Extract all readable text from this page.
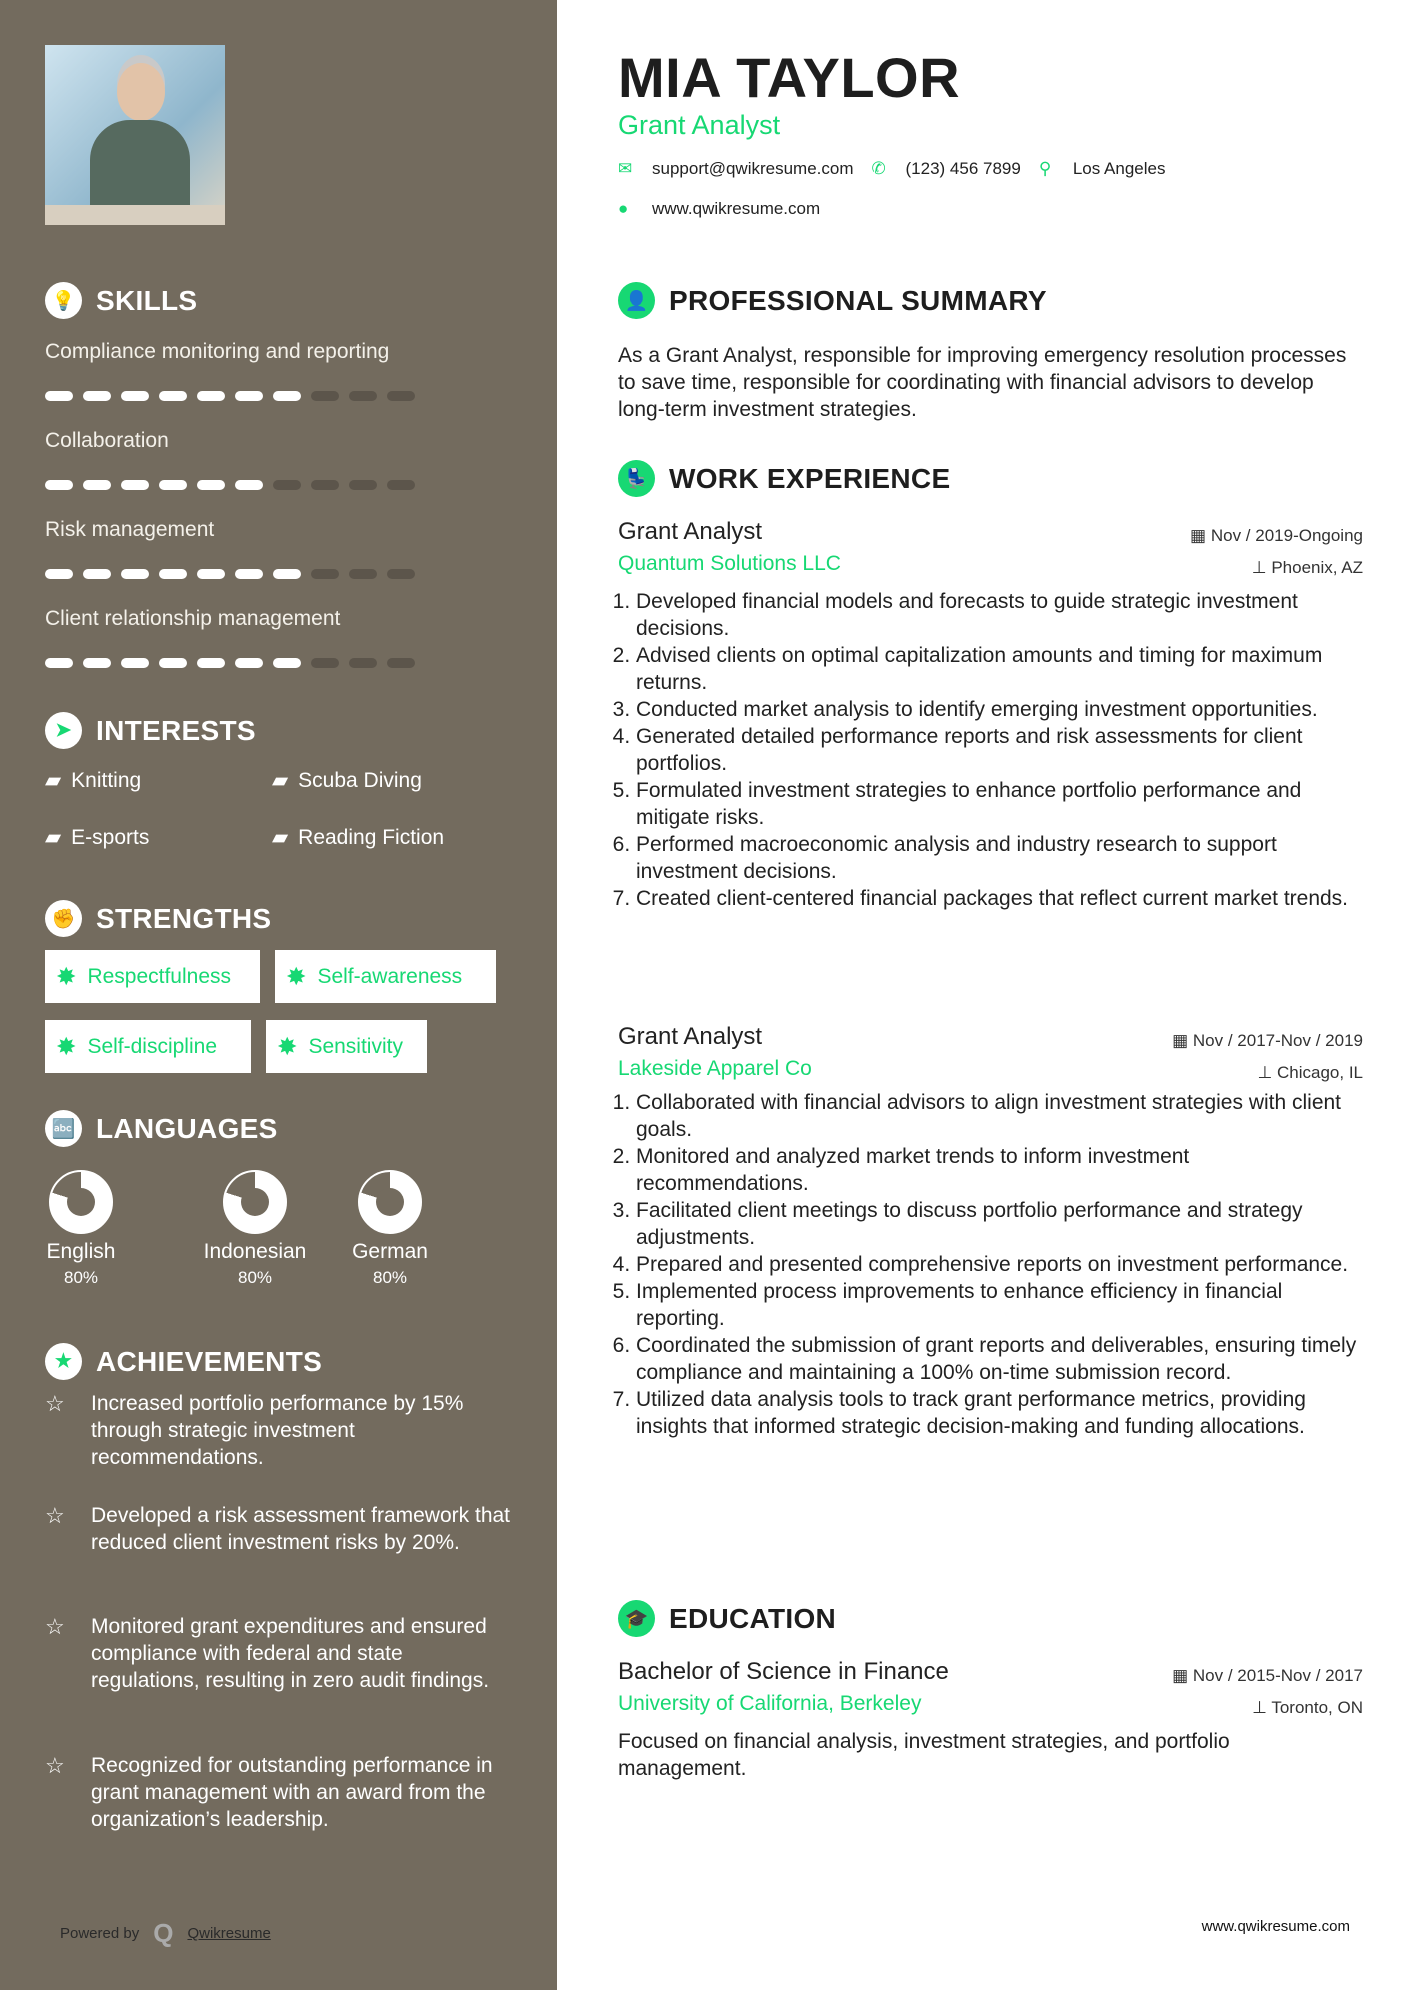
💡 SKILLS
Compliance monitoring and reporting
Collaboration
Risk management
Client relationship management
➤ INTERESTS
▰ Knitting	▰ Scuba Diving
▰ E-sports	▰ Reading Fiction
✊ STRENGTHS
✸ Respectfulness	✸ Self-awareness
✸ Self-discipline	✸ Sensitivity
🔤 LANGUAGES
English
80%
Indonesian
80%
German
80%
★ ACHIEVEMENTS
☆	Increased portfolio performance by 15% through strategic investment recommendations.
☆	Developed a risk assessment framework that reduced client investment risks by 20%.
☆	Monitored grant expenditures and ensured compliance with federal and state regulations, resulting in zero audit findings.
☆	Recognized for outstanding performance in grant management with an award from the organization’s leadership.
Powered by Q Qwikresume
MIA TAYLOR
Grant Analyst
✉	support@qwikresume.com ✆	(123) 456 7899 ⚲	Los Angeles
●	www.qwikresume.com
👤 PROFESSIONAL SUMMARY
As a Grant Analyst, responsible for improving emergency resolution processes to save time, responsible for coordinating with financial advisors to develop long-term investment strategies.
💺 WORK EXPERIENCE
Grant Analyst
Quantum Solutions LLC
▦ Nov / 2019-Ongoing
⊥ Phoenix, AZ
1. Developed financial models and forecasts to guide strategic investment decisions.
2. Advised clients on optimal capitalization amounts and timing for maximum returns.
3. Conducted market analysis to identify emerging investment opportunities.
4. Generated detailed performance reports and risk assessments for client portfolios.
5. Formulated investment strategies to enhance portfolio performance and mitigate risks.
6. Performed macroeconomic analysis and industry research to support investment decisions.
7. Created client-centered financial packages that reflect current market trends.
Grant Analyst
Lakeside Apparel Co
▦ Nov / 2017-Nov / 2019
⊥ Chicago, IL
1. Collaborated with financial advisors to align investment strategies with client goals.
2. Monitored and analyzed market trends to inform investment recommendations.
3. Facilitated client meetings to discuss portfolio performance and strategy adjustments.
4. Prepared and presented comprehensive reports on investment performance.
5. Implemented process improvements to enhance efficiency in financial reporting.
6. Coordinated the submission of grant reports and deliverables, ensuring timely compliance and maintaining a 100% on-time submission record.
7. Utilized data analysis tools to track grant performance metrics, providing insights that informed strategic decision-making and funding allocations.
🎓 EDUCATION
Bachelor of Science in Finance
University of California, Berkeley
▦ Nov / 2015-Nov / 2017
⊥ Toronto, ON
Focused on financial analysis, investment strategies, and portfolio management.
www.qwikresume.com
